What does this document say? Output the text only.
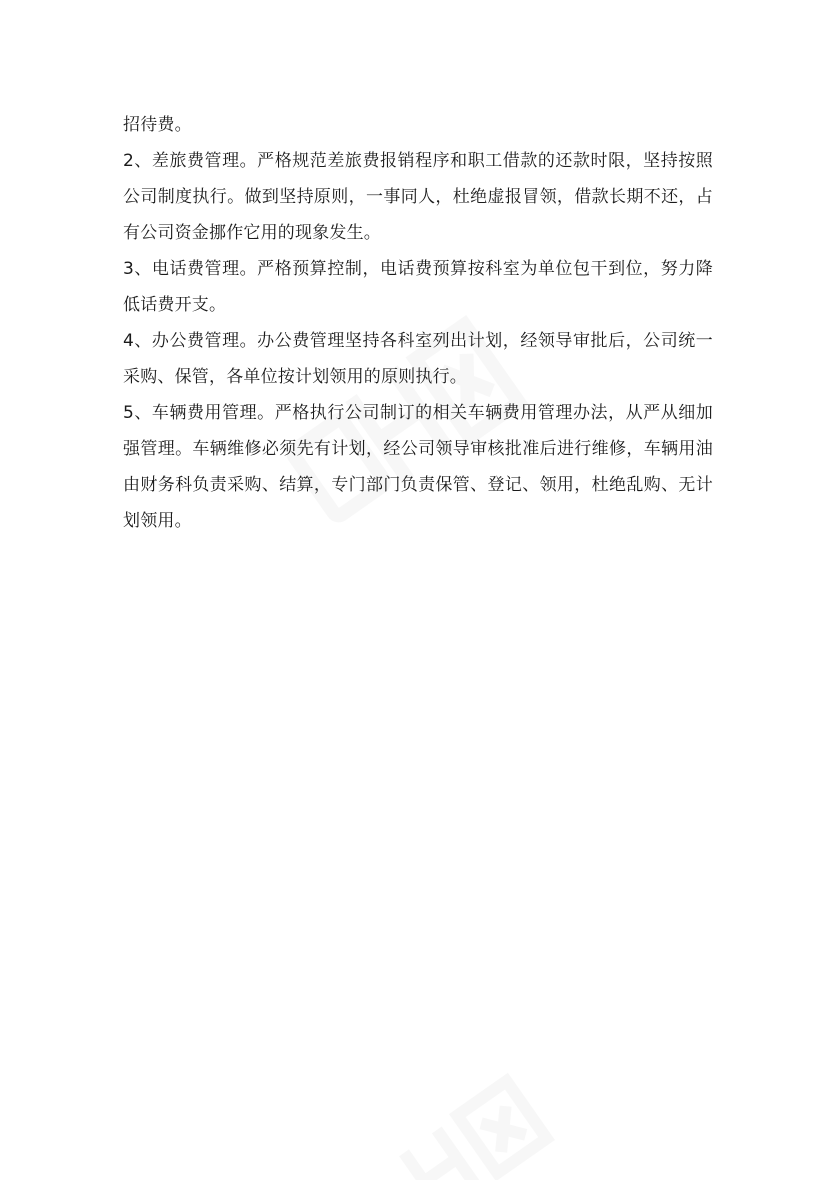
招待费。

2、差旅费管理。严格规范差旅费报销程序和职工借款的还款时限，坚持按照公司制度执行。做到坚持原则，一事同人，杜绝虚报冒领，借款长期不还，占有公司资金挪作它用的现象发生。

3、电话费管理。严格预算控制，电话费预算按科室为单位包干到位，努力降低话费开支。

4、办公费管理。办公费管理坚持各科室列出计划，经领导审批后，公司统一采购、保管，各单位按计划领用的原则执行。

5、车辆费用管理。严格执行公司制订的相关车辆费用管理办法，从严从细加强管理。车辆维修必须先有计划，经公司领导审核批准后进行维修，车辆用油由财务科负责采购、结算，专门部门负责保管、登记、领用，杜绝乱购、无计划领用。
